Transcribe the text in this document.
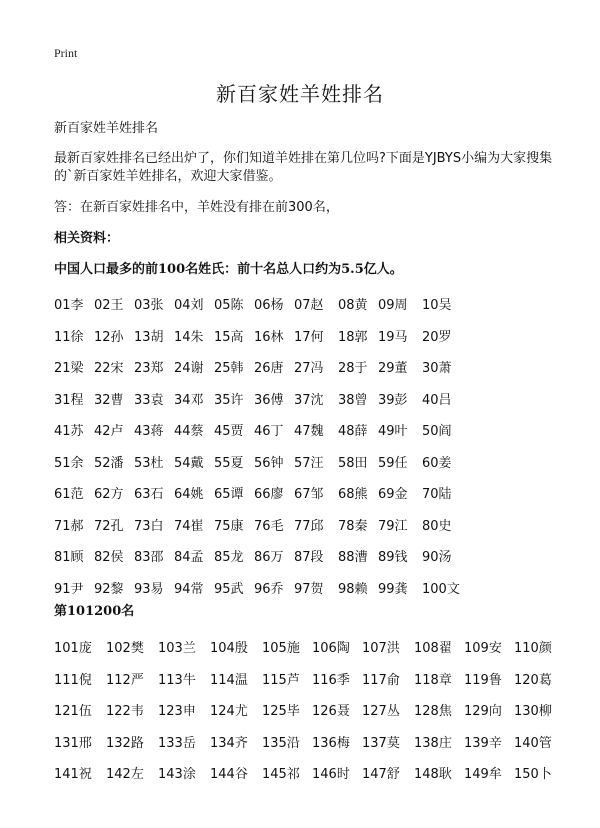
Print
新百家姓羊姓排名
新百家姓羊姓排名
最新百家姓排名已经出炉了，你们知道羊姓排在第几位吗?下面是YJBYS小编为大家搜集的`新百家姓羊姓排名，欢迎大家借鉴。
答：在新百家姓排名中，羊姓没有排在前300名，
相关资料：
中国人口最多的前100名姓氏：前十名总人口约为5.5亿人。
01李 02王 03张 04刘 05陈 06杨 07赵 08黄 09周 10吴
11徐 12孙 13胡 14朱 15高 16林 17何 18郭 19马 20罗
21梁 22宋 23郑 24谢 25韩 26唐 27冯 28于 29董 30萧
31程 32曹 33袁 34邓 35许 36傅 37沈 38曾 39彭 40吕
41苏 42卢 43蒋 44蔡 45贾 46丁 47魏 48薛 49叶 50阎
51余 52潘 53杜 54戴 55夏 56钟 57汪 58田 59任 60姜
61范 62方 63石 64姚 65谭 66廖 67邹 68熊 69金 70陆
71郝 72孔 73白 74崔 75康 76毛 77邱 78秦 79江 80史
81顾 82侯 83邵 84孟 85龙 86万 87段 88漕 89钱 90汤
91尹 92黎 93易 94常 95武 96乔 97贺 98赖 99龚 100文
第101200名
101庞 102樊 103兰 104殷 105施 106陶 107洪 108翟 109安 110颜
111倪 112严 113牛 114温 115芦 116季 117俞 118章 119鲁 120葛
121伍 122韦 123申 124尤 125毕 126聂 127丛 128焦 129向 130柳
131邢 132路 133岳 134齐 135沿 136梅 137莫 138庄 139辛 140管
141祝 142左 143涂 144谷 145祁 146时 147舒 148耿 149牟 150卜
